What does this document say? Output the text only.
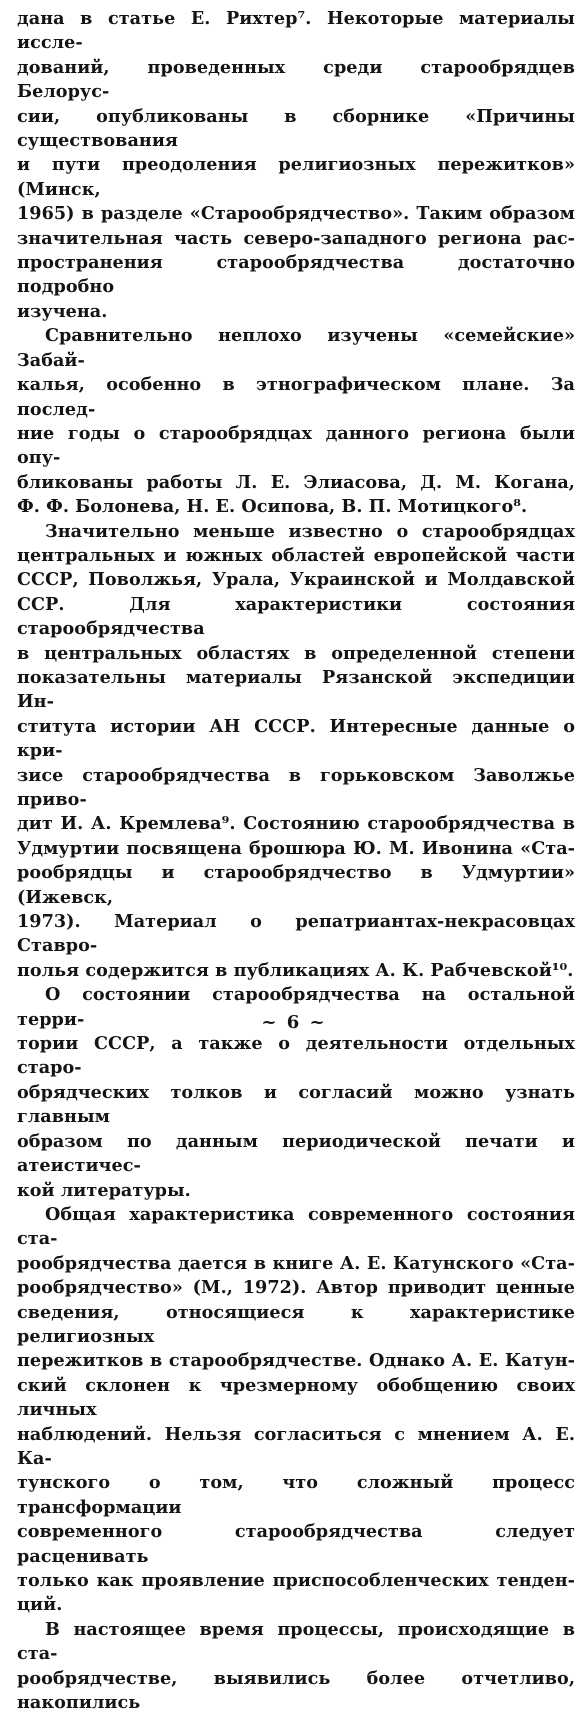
дана в статье Е. Рихтер⁷. Некоторые материалы иссле-
дований, проведенных среди старообрядцев Белорус-
сии, опубликованы в сборнике «Причины существования
и пути преодоления религиозных пережитков» (Минск,
1965) в разделе «Старообрядчество». Таким образом
значительная часть северо-западного региона рас-
пространения старообрядчества достаточно подробно
изучена.
Сравнительно неплохо изучены «семейские» Забай-
калья, особенно в этнографическом плане. За послед-
ние годы о старообрядцах данного региона были опу-
бликованы работы Л. Е. Элиасова, Д. М. Когана,
Ф. Ф. Болонева, Н. Е. Осипова, В. П. Мотицкого⁸.
Значительно меньше известно о старообрядцах
центральных и южных областей европейской части
СССР, Поволжья, Урала, Украинской и Молдавской
ССР. Для характеристики состояния старообрядчества
в центральных областях в определенной степени
показательны материалы Рязанской экспедиции Ин-
ститута истории АН СССР. Интересные данные о кри-
зисе старообрядчества в горьковском Заволжье приво-
дит И. А. Кремлева⁹. Состоянию старообрядчества в
Удмуртии посвящена брошюра Ю. М. Ивонина «Ста-
рообрядцы и старообрядчество в Удмуртии» (Ижевск,
1973). Материал о репатриантах-некрасовцах Ставро-
полья содержится в публикациях А. К. Рабчевской¹⁰.
О состоянии старообрядчества на остальной терри-
тории СССР, а также о деятельности отдельных старо-
обрядческих толков и согласий можно узнать главным
образом по данным периодической печати и атеистичес-
кой литературы.
Общая характеристика современного состояния ста-
рообрядчества дается в книге А. Е. Катунского «Ста-
рообрядчество» (М., 1972). Автор приводит ценные
сведения, относящиеся к характеристике религиозных
пережитков в старообрядчестве. Однако А. Е. Катун-
ский склонен к чрезмерному обобщению своих личных
наблюдений. Нельзя согласиться с мнением А. Е. Ка-
тунского о том, что сложный процесс трансформации
современного старообрядчества следует расценивать
только как проявление приспособленческих тенден-
ций.
В настоящее время процессы, происходящие в ста-
рообрядчестве, выявились более отчетливо, накопились
~ 6 ~
